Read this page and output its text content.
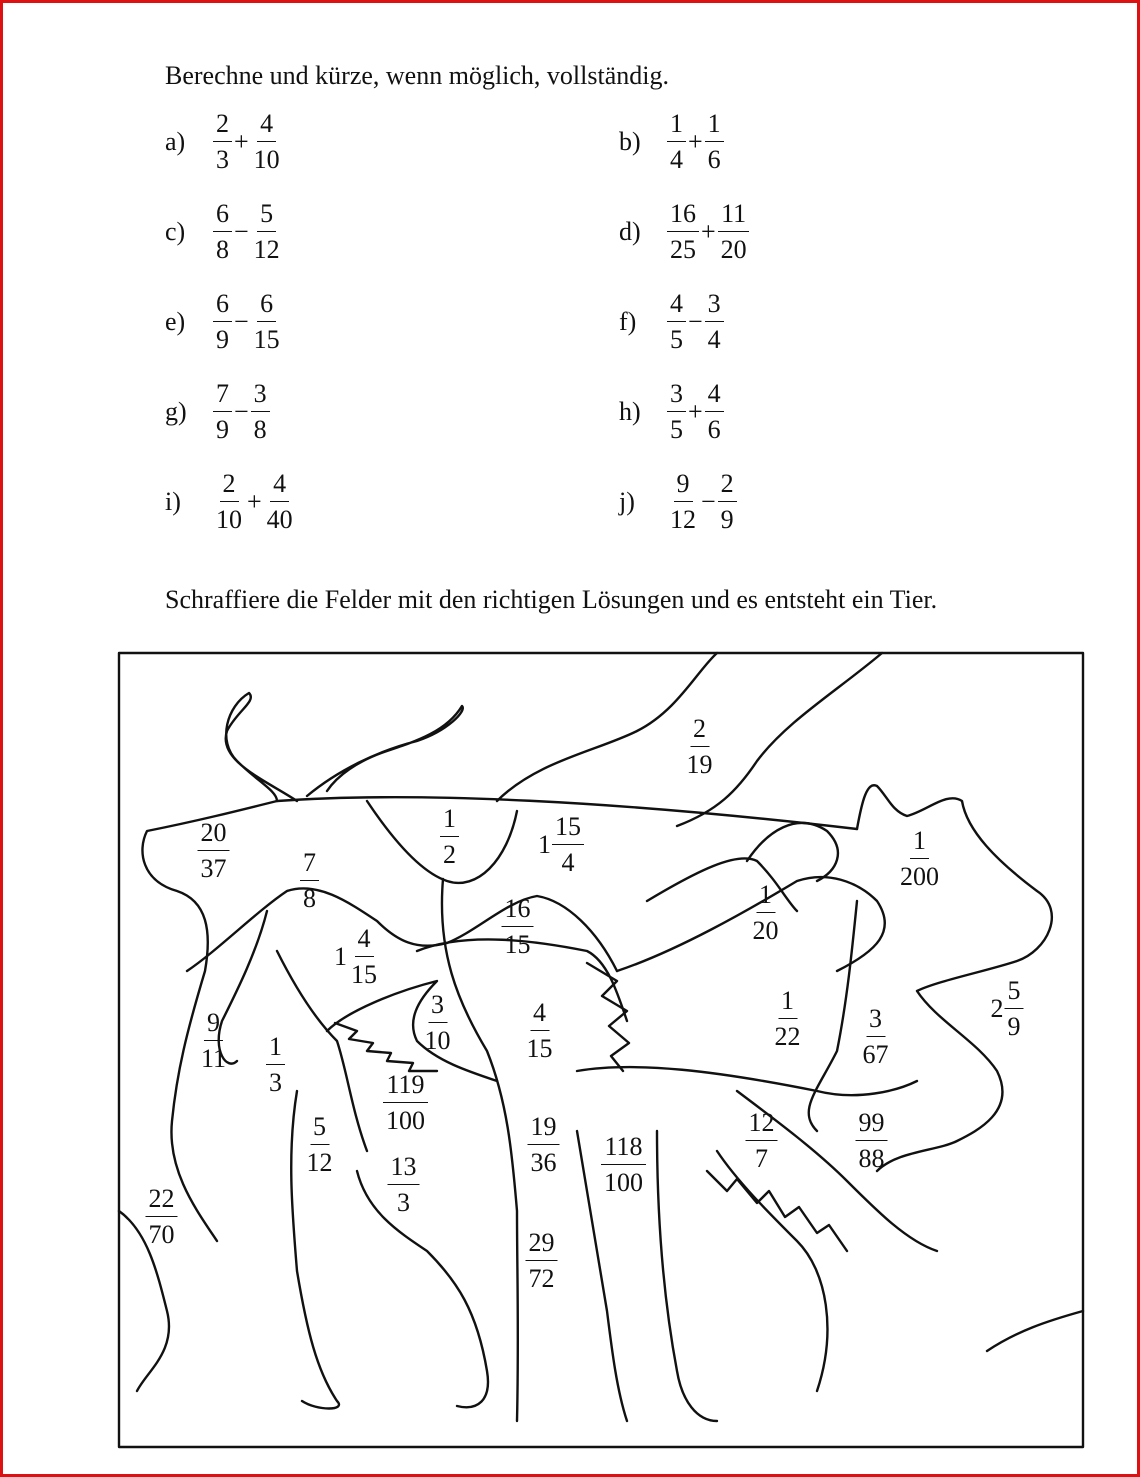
Berechne und kürze, wenn möglich, vollständig.
a)	$\frac{2}{3} + \frac{4}{10}$	b)	$\frac{1}{4} + \frac{1}{6}$
c)	$\frac{6}{8} - \frac{5}{12}$	d)	$\frac{16}{25} + \frac{11}{20}$
e)	$\frac{6}{9} - \frac{6}{15}$	f)	$\frac{4}{5} - \frac{3}{4}$
g)	$\frac{7}{9} - \frac{3}{8}$	h)	$\frac{3}{5} + \frac{4}{6}$
i)	$\frac{2}{10} + \frac{4}{40}$	j)	$\frac{9}{12} - \frac{2}{9}$
Schraffiere die Felder mit den richtigen Lösungen und es entsteht ein Tier.
$\frac{2}{19}$
$\frac{20}{37}$	$\frac{1}{2}$	$1 \frac{15}{4}$	$\frac{1}{200}$
$\frac{7}{8}$
$\frac{16}{15}$	$\frac{1}{20}$
$1 \frac{4}{15}$
$\frac{3}{10}$	$\frac{4}{15}$	$\frac{1}{22} \frac{3}{67}$	$2 \frac{5}{9}$
$\frac{9}{11} \frac{1}{3}$
$\frac{119}{100}$
$\frac{5}{12}$	$\frac{19}{36} \frac{118}{100}$	$\frac{12}{7}$	$\frac{99}{88}$
$\frac{13}{3}$
$\frac{22}{70}$
$\frac{29}{72}$
